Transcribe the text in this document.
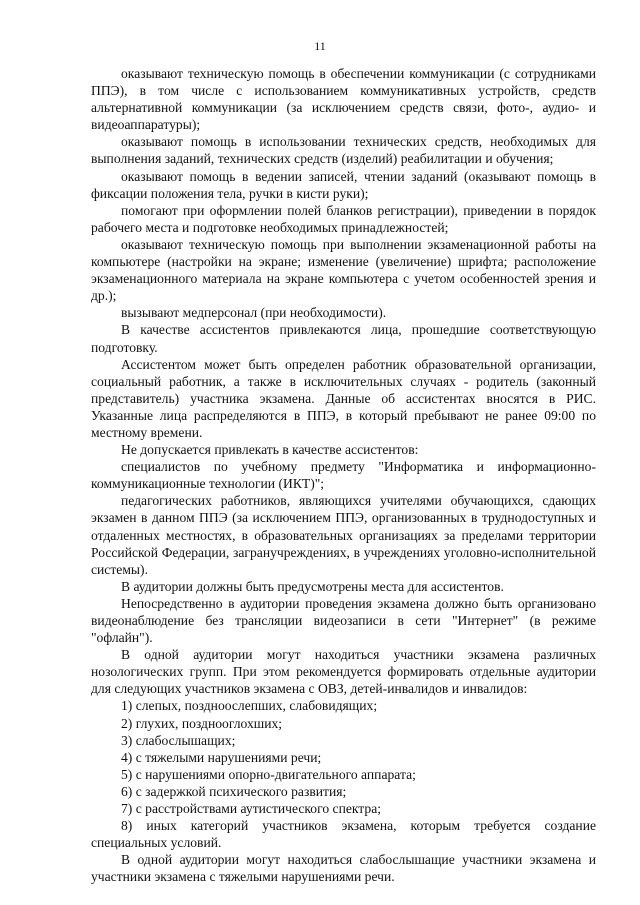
11

оказывают техническую помощь в обеспечении коммуникации (с сотрудниками ППЭ), в том числе с использованием коммуникативных устройств, средств альтернативной коммуникации (за исключением средств связи, фото-, аудио- и видеоаппаратуры);

оказывают помощь в использовании технических средств, необходимых для выполнения заданий, технических средств (изделий) реабилитации и обучения;

оказывают помощь в ведении записей, чтении заданий (оказывают помощь в фиксации положения тела, ручки в кисти руки);

помогают при оформлении полей бланков регистрации), приведении в порядок рабочего места и подготовке необходимых принадлежностей;

оказывают техническую помощь при выполнении экзаменационной работы на компьютере (настройки на экране; изменение (увеличение) шрифта; расположение экзаменационного материала на экране компьютера с учетом особенностей зрения и др.);

вызывают медперсонал (при необходимости).

В качестве ассистентов привлекаются лица, прошедшие соответствующую подготовку.

Ассистентом может быть определен работник образовательной организации, социальный работник, а также в исключительных случаях - родитель (законный представитель) участника экзамена. Данные об ассистентах вносятся в РИС. Указанные лица распределяются в ППЭ, в который пребывают не ранее 09:00 по местному времени.

Не допускается привлекать в качестве ассистентов:

специалистов по учебному предмету "Информатика и информационно-коммуникационные технологии (ИКТ)";

педагогических работников, являющихся учителями обучающихся, сдающих экзамен в данном ППЭ (за исключением ППЭ, организованных в труднодоступных и отдаленных местностях, в образовательных организациях за пределами территории Российской Федерации, загранучреждениях, в учреждениях уголовно-исполнительной системы).

В аудитории должны быть предусмотрены места для ассистентов.

Непосредственно в аудитории проведения экзамена должно быть организовано видеонаблюдение без трансляции видеозаписи в сети "Интернет" (в режиме "офлайн").

В одной аудитории могут находиться участники экзамена различных нозологических групп. При этом рекомендуется формировать отдельные аудитории для следующих участников экзамена с ОВЗ, детей-инвалидов и инвалидов:

1) слепых, поздноослепших, слабовидящих;

2) глухих, позднооглохших;

3) слабослышащих;

4) с тяжелыми нарушениями речи;

5) с нарушениями опорно-двигательного аппарата;

6) с задержкой психического развития;

7) с расстройствами аутистического спектра;

8) иных категорий участников экзамена, которым требуется создание специальных условий.

В одной аудитории могут находиться слабослышащие участники экзамена и участники экзамена с тяжелыми нарушениями речи.
